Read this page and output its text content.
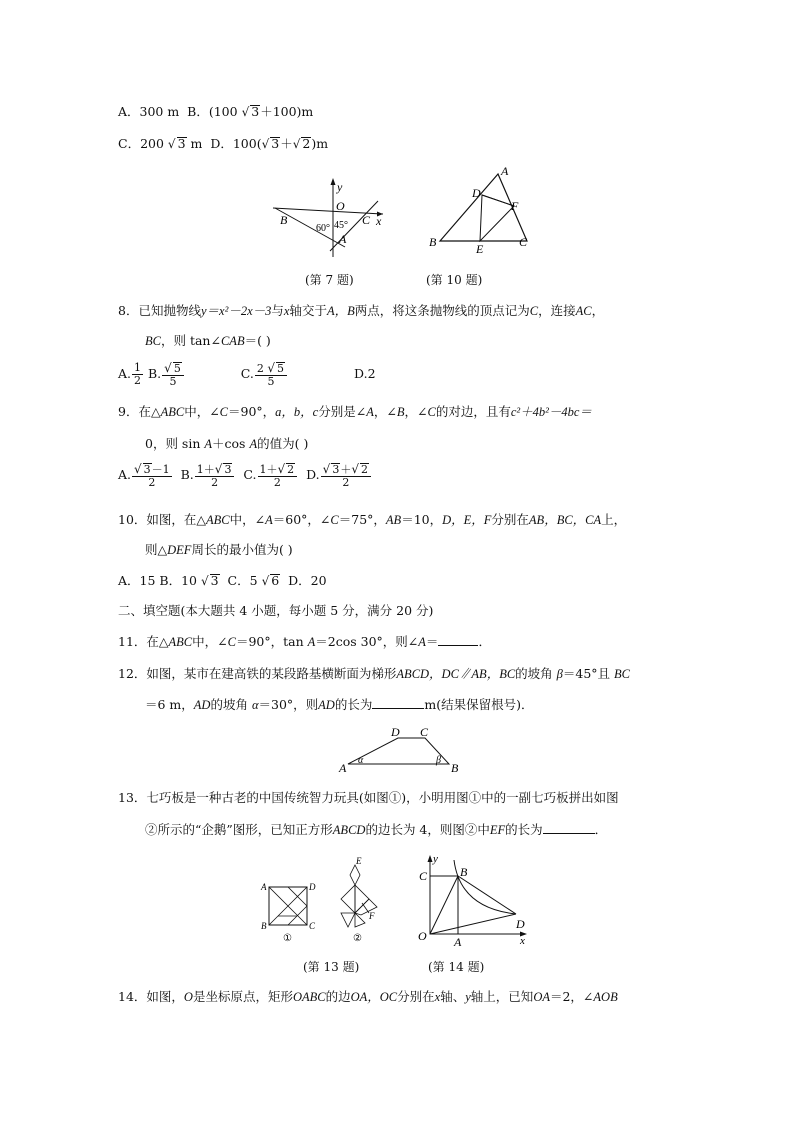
A．300 m B．(100 √ 3＋100)m
C．200 √ 3 m D．100(√ 3＋√ 2)m
y
O
x
B	C
A
60° 45°
(第 7 题)
A
B	C
D
E
F
(第 10 题)
8．已知抛物线y＝x²－2x－3与x轴交于A，B两点，将这条抛物线的顶点记为C，连接AC，
BC，则 tan∠CAB＝( )
A. $\frac{1}{2} B$. $\frac{√ 5}{5}$	C. $\frac{2 √ 5}{5}$	D.2
9．在△ABC中，∠C＝90°，a，b，c分别是∠A，∠B，∠C的对边，且有c²＋4b²－4bc＝
0，则 sin A＋cos A的值为( )
A. $\frac{√ 3-1}{2} B$. $\frac{1+√ 3}{2} C$. $\frac{1+√ 2}{2} D$. $\frac{√ 3+√ 2}{2}$
10．如图，在△ABC中，∠A＝60°，∠C＝75°，AB＝10，D，E，F分别在AB，BC，CA上，
则△DEF周长的最小值为( )
A．15 B．10 √ 3 C．5 √ 6 D．20
二、填空题(本大题共 4 小题，每小题 5 分，满分 20 分)
11．在△ABC中，∠C＝90°，tan A＝2cos 30°，则∠A＝	．
12．如图，某市在建高铁的某段路基横断面为梯形ABCD，DC∥AB，BC的坡角 β＝45°且 BC
＝6 m，AD的坡角 α＝30°，则AD的长为	m(结果保留根号)．
A	B
C
D
α	β
13．七巧板是一种古老的中国传统智力玩具(如图①)，小明用图①中的一副七巧板拼出如图
②所示的“企鹅”图形，已知正方形ABCD的边长为 4，则图②中EF的长为	．
A	D
B	C
①
E
F
②
(第 13 题)
y
x
O A
B
C
D
(第 14 题)
14．如图，O是坐标原点，矩形OABC的边OA，OC分别在x轴、y轴上，已知OA＝2，∠AOB
